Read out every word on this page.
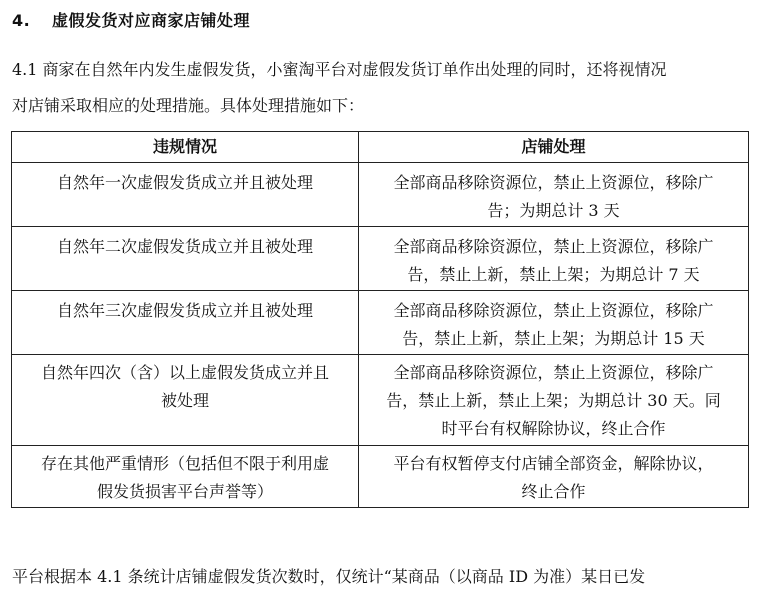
4. 虚假发货对应商家店铺处理
4.1 商家在自然年内发生虚假发货，小蜜淘平台对虚假发货订单作出处理的同时，还将视情况
对店铺采取相应的处理措施。具体处理措施如下：
违规情况	店铺处理

自然年一次虚假发货成立并且被处理	全部商品移除资源位，禁止上资源位，移除广
告；为期总计 3 天

自然年二次虚假发货成立并且被处理	全部商品移除资源位，禁止上资源位，移除广
告，禁止上新，禁止上架；为期总计 7 天

自然年三次虚假发货成立并且被处理	全部商品移除资源位，禁止上资源位，移除广
告，禁止上新，禁止上架；为期总计 15 天

自然年四次（含）以上虚假发货成立并且
被处理	全部商品移除资源位，禁止上资源位，移除广
告，禁止上新，禁止上架；为期总计 30 天。同
时平台有权解除协议，终止合作

存在其他严重情形（包括但不限于利用虚
假发货损害平台声誉等）	平台有权暂停支付店铺全部资金，解除协议，
终止合作
平台根据本 4.1 条统计店铺虚假发货次数时，仅统计“某商品（以商品 ID 为准）某日已发
